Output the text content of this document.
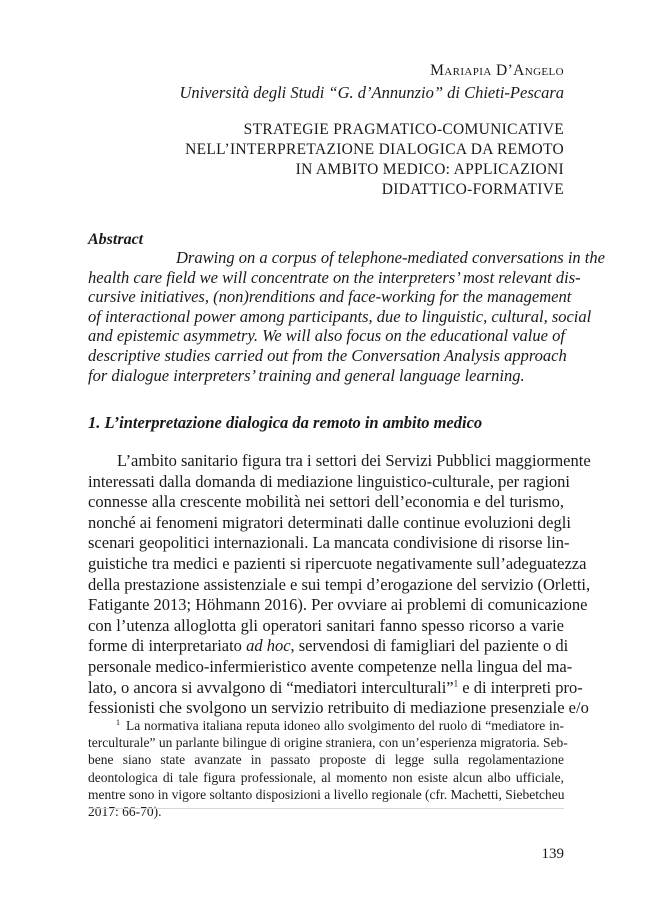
Mariapia D’Angelo
Università degli Studi “G. d’Annunzio” di Chieti-Pescara
STRATEGIE PRAGMATICO-COMUNICATIVE
NELL’INTERPRETAZIONE DIALOGICA DA REMOTO
IN AMBITO MEDICO: APPLICAZIONI
DIDATTICO-FORMATIVE
Abstract
Drawing on a corpus of telephone-mediated conversations in the
health care field we will concentrate on the interpreters’ most relevant dis-
cursive initiatives, (non)renditions and face-working for the management
of interactional power among participants, due to linguistic, cultural, social
and epistemic asymmetry. We will also focus on the educational value of
descriptive studies carried out from the Conversation Analysis approach
for dialogue interpreters’ training and general language learning.
1. L’interpretazione dialogica da remoto in ambito medico
L’ambito sanitario figura tra i settori dei Servizi Pubblici maggiormente
interessati dalla domanda di mediazione linguistico-culturale, per ragioni
connesse alla crescente mobilità nei settori dell’economia e del turismo,
nonché ai fenomeni migratori determinati dalle continue evoluzioni degli
scenari geopolitici internazionali. La mancata condivisione di risorse lin-
guistiche tra medici e pazienti si ripercuote negativamente sull’adeguatezza
della prestazione assistenziale e sui tempi d’erogazione del servizio (Orletti,
Fatigante 2013; Höhmann 2016). Per ovviare ai problemi di comunicazione
con l’utenza alloglotta gli operatori sanitari fanno spesso ricorso a varie
forme di interpretariato ad hoc, servendosi di famigliari del paziente o di
personale medico-infermieristico avente competenze nella lingua del ma-
lato, o ancora si avvalgono di “mediatori interculturali”$^1$ e di interpreti pro-
fessionisti che svolgono un servizio retribuito di mediazione presenziale e/o
$^1$ La normativa italiana reputa idoneo allo svolgimento del ruolo di “mediatore in-
terculturale” un parlante bilingue di origine straniera, con un’esperienza migratoria. Seb-
bene siano state avanzate in passato proposte di legge sulla regolamentazione
deontologica di tale figura professionale, al momento non esiste alcun albo ufficiale,
mentre sono in vigore soltanto disposizioni a livello regionale (cfr. Machetti, Siebetcheu
2017: 66-70).
139
